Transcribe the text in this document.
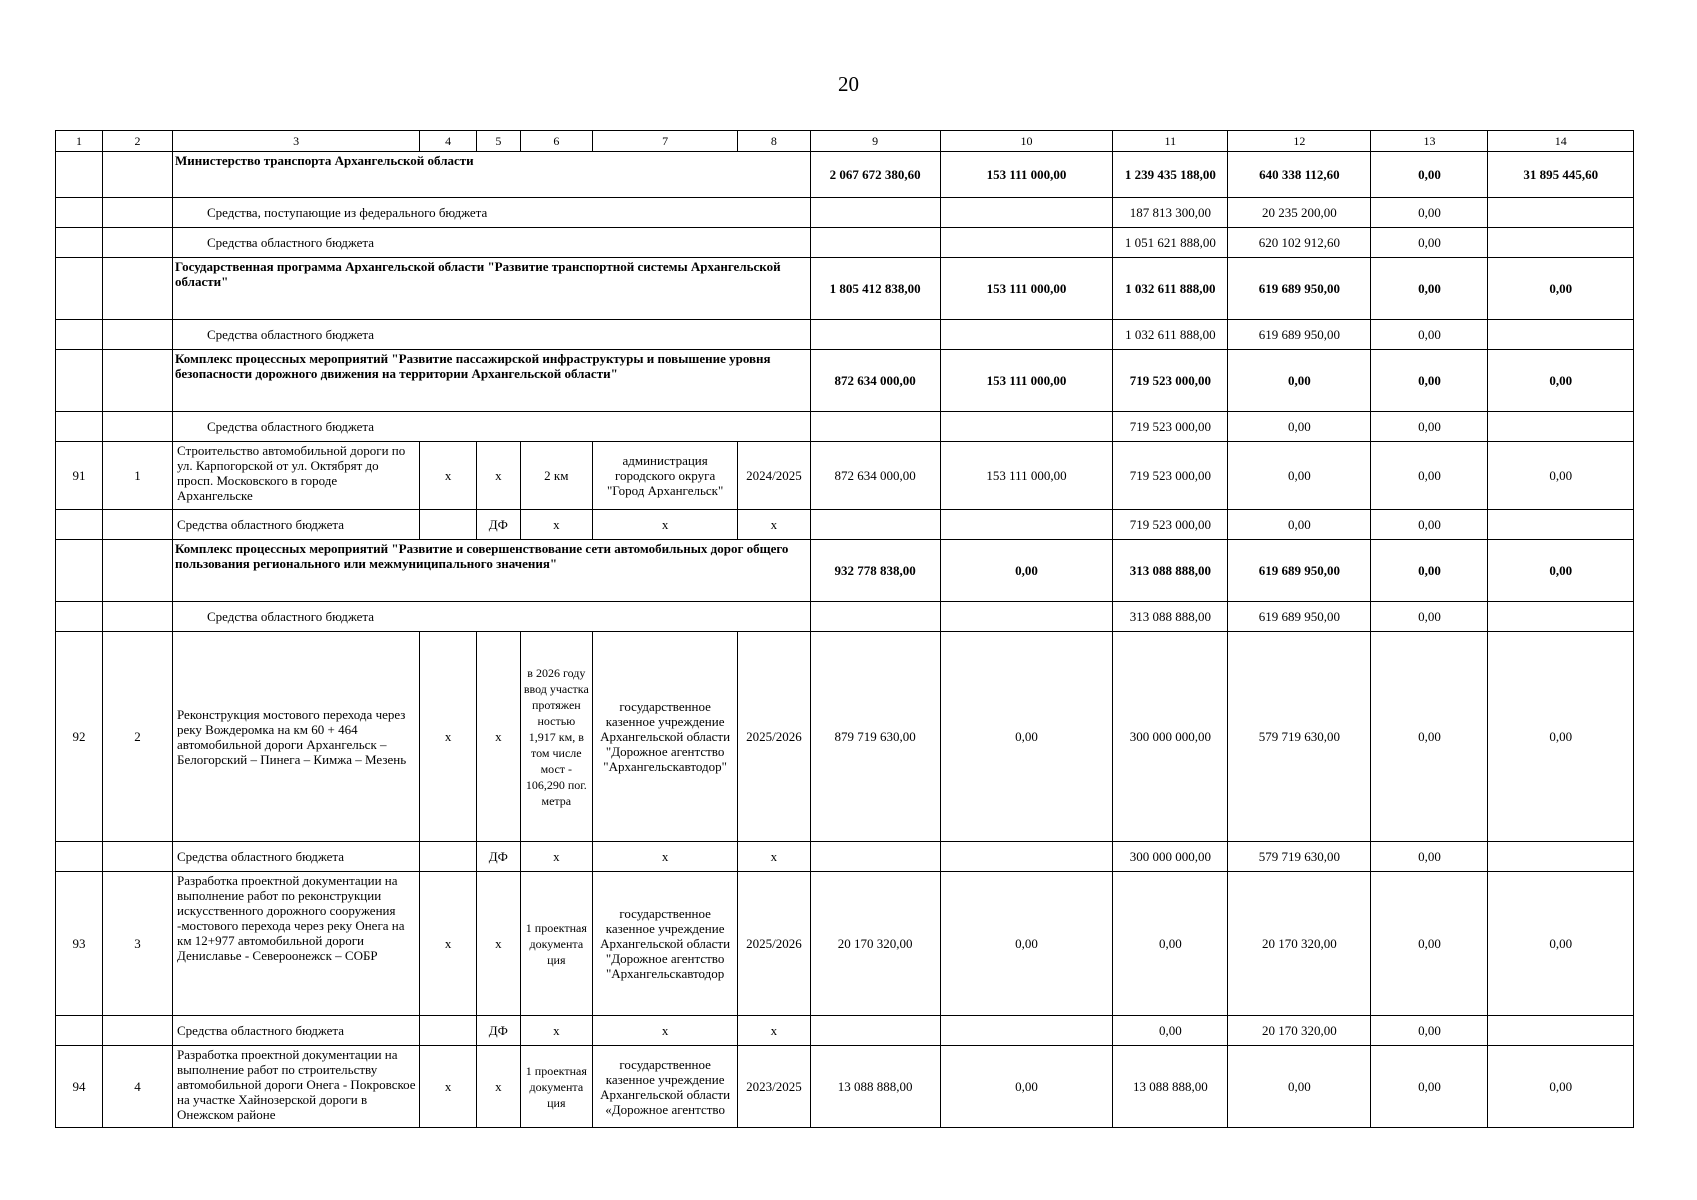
20
1	2	3	4	5	6	7	8	9	10	11	12	13	14
		Министерство транспорта Архангельской области						2 067 672 380,60	153 111 000,00	1 239 435 188,00	640 338 112,60	0,00	31 895 445,60
		Средства, поступающие из федерального бюджета								187 813 300,00	20 235 200,00	0,00	
		Средства областного бюджета								1 051 621 888,00	620 102 912,60	0,00	
		Государственная программа Архангельской области "Развитие транспортной системы Архангельской области"						1 805 412 838,00	153 111 000,00	1 032 611 888,00	619 689 950,00	0,00	0,00
		Средства областного бюджета								1 032 611 888,00	619 689 950,00	0,00	
		Комплекс процессных мероприятий "Развитие пассажирской инфраструктуры и повышение уровня безопасности дорожного движения на территории Архангельской области"						872 634 000,00	153 111 000,00	719 523 000,00	0,00	0,00	0,00
		Средства областного бюджета								719 523 000,00	0,00	0,00	
91	1	Строительство автомобильной дороги по ул. Карпогорской от ул. Октябрят до просп. Московского в городе Архангельске	х	х	2 км	администрация городского округа "Город Архангельск"	2024/2025	872 634 000,00	153 111 000,00	719 523 000,00	0,00	0,00	0,00
		Средства областного бюджета		ДФ	х	х	х			719 523 000,00	0,00	0,00	
		Комплекс процессных мероприятий "Развитие и совершенствование сети автомобильных дорог общего пользования регионального или межмуниципального значения"						932 778 838,00	0,00	313 088 888,00	619 689 950,00	0,00	0,00
		Средства областного бюджета								313 088 888,00	619 689 950,00	0,00	
92	2	Реконструкция мостового перехода через реку Вождеромка на км 60 + 464 автомобильной дороги Архангельск – Белогорский – Пинега – Кимжа – Мезень	х	х	в 2026 году ввод участка протяжен ностью 1,917 км, в том числе мост - 106,290 пог. метра	государственное казенное учреждение Архангельской области "Дорожное агентство "Архангельскавтодор"	2025/2026	879 719 630,00	0,00	300 000 000,00	579 719 630,00	0,00	0,00
		Средства областного бюджета		ДФ	х	х	х			300 000 000,00	579 719 630,00	0,00	
93	3	Разработка проектной документации на выполнение работ по реконструкции искусственного дорожного сооружения -мостового перехода через реку Онега на км 12+977 автомобильной дороги Дениславье - Североонежск – СОБР	х	х	1 проектная документа ция	государственное казенное учреждение Архангельской области "Дорожное агентство "Архангельскавтодор	2025/2026	20 170 320,00	0,00	0,00	20 170 320,00	0,00	0,00
		Средства областного бюджета		ДФ	х	х	х			0,00	20 170 320,00	0,00	
94	4	Разработка проектной документации на выполнение работ по строительству автомобильной дороги Онега - Покровское на участке Хайнозерской дороги в Онежском районе	х	х	1 проектная документа ция	государственное казенное учреждение Архангельской области «Дорожное агентство	2023/2025	13 088 888,00	0,00	13 088 888,00	0,00	0,00	0,00
